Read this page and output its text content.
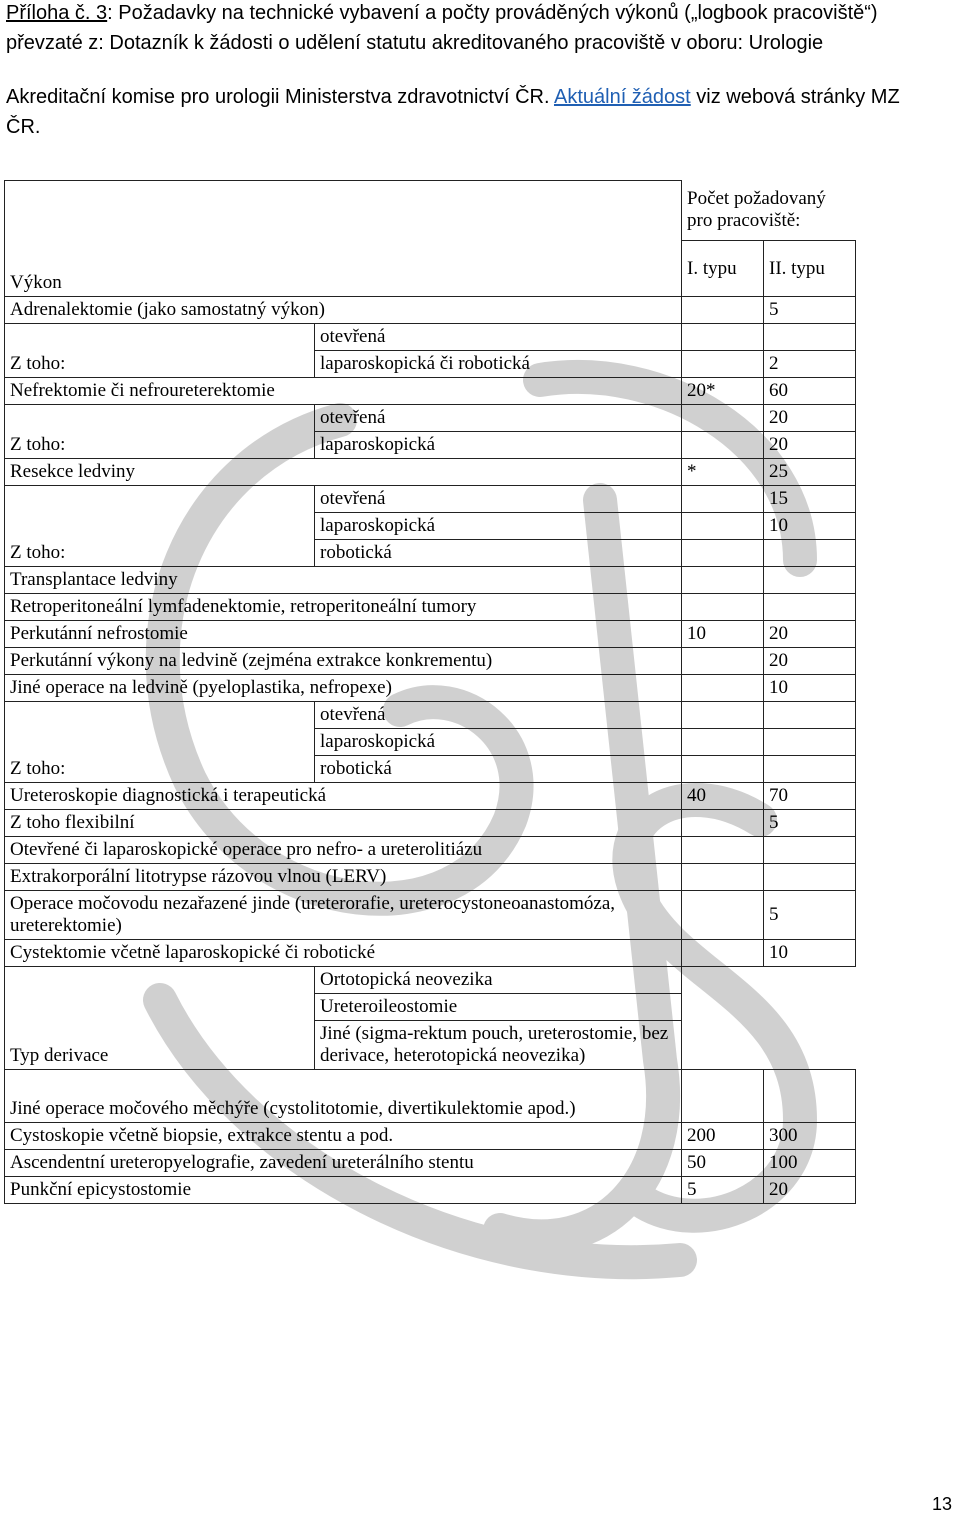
Příloha č. 3: Požadavky na technické vybavení a počty prováděných výkonů („logbook pracoviště“)
převzaté z: Dotazník k žádosti o udělení statutu akreditovaného pracoviště v oboru: Urologie
Akreditační komise pro urologii Ministerstva zdravotnictví ČR. Aktuální žádost viz webová stránky MZ
ČR.
Výkon		Počet požadovaný pro pracoviště:	
		I. typu	II. typu
Adrenalektomie (jako samostatný výkon)			5
Z toho:	otevřená		
	laparoskopická či robotická		2
Nefrektomie či nefroureterektomie		20*	60
Z toho:	otevřená		20
	laparoskopická		20
Resekce ledviny		*	25
Z toho:	otevřená		15
	laparoskopická		10
	robotická		
Transplantace ledviny			
Retroperitoneální lymfadenektomie, retroperitoneální tumory			
Perkutánní nefrostomie		10	20
Perkutánní výkony na ledvině (zejména extrakce konkrementu)			20
Jiné operace na ledvině (pyeloplastika, nefropexe)			10
Z toho:	otevřená		
	laparoskopická		
	robotická		
Ureteroskopie diagnostická i terapeutická		40	70
Z toho flexibilní			5
Otevřené či laparoskopické operace pro nefro- a ureterolitiázu			
Extrakorporální litotrypse rázovou vlnou (LERV)			
Operace močovodu nezařazené jinde (ureterorafie, ureterocystoneoanastomóza, ureterektomie)			5
Cystektomie včetně laparoskopické či robotické			10
Typ derivace	Ortotopická neovezika		
	Ureteroileostomie		
	Jiné (sigma-rektum pouch, ureterostomie, bez derivace, heterotopická neovezika)		
Jiné operace močového měchýře (cystolitotomie, divertikulektomie apod.)			
Cystoskopie včetně biopsie, extrakce stentu a pod.		200	300
Ascendentní ureteropyelografie, zavedení ureterálního stentu		50	100
Punkční epicystostomie		5	20
13
